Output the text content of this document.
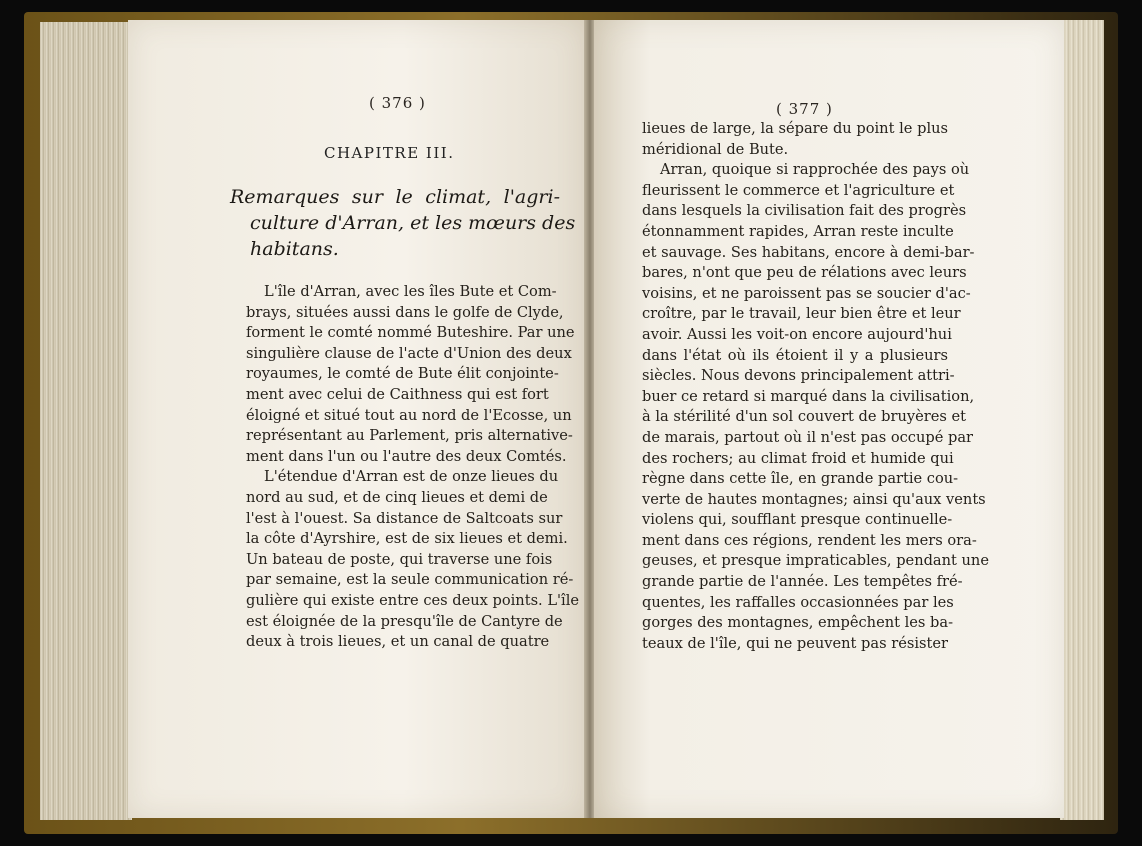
( 376 )
CHAPITRE III.
Remarques sur le climat, l'agri-
culture d'Arran, et les mœurs des
habitans.
L'île d'Arran, avec les îles Bute et Com-
brays, situées aussi dans le golfe de Clyde,
forment le comté nommé Buteshire. Par une
singulière clause de l'acte d'Union des deux
royaumes, le comté de Bute élit conjointe-
ment avec celui de Caithness qui est fort
éloigné et situé tout au nord de l'Ecosse, un
représentant au Parlement, pris alternative-
ment dans l'un ou l'autre des deux Comtés.
L'étendue d'Arran est de onze lieues du
nord au sud, et de cinq lieues et demi de
l'est à l'ouest. Sa distance de Saltcoats sur
la côte d'Ayrshire, est de six lieues et demi.
Un bateau de poste, qui traverse une fois
par semaine, est la seule communication ré-
gulière qui existe entre ces deux points. L'île
est éloignée de la presqu'île de Cantyre de
deux à trois lieues, et un canal de quatre
( 377 )
lieues de large, la sépare du point le plus
méridional de Bute.
Arran, quoique si rapprochée des pays où
fleurissent le commerce et l'agriculture et
dans lesquels la civilisation fait des progrès
étonnamment rapides, Arran reste inculte
et sauvage. Ses habitans, encore à demi-bar-
bares, n'ont que peu de rélations avec leurs
voisins, et ne paroissent pas se soucier d'ac-
croître, par le travail, leur bien être et leur
avoir. Aussi les voit-on encore aujourd'hui
dans l'état où ils étoient il y a plusieurs
siècles. Nous devons principalement attri-
buer ce retard si marqué dans la civilisation,
à la stérilité d'un sol couvert de bruyères et
de marais, partout où il n'est pas occupé par
des rochers; au climat froid et humide qui
règne dans cette île, en grande partie cou-
verte de hautes montagnes; ainsi qu'aux vents
violens qui, soufflant presque continuelle-
ment dans ces régions, rendent les mers ora-
geuses, et presque impraticables, pendant une
grande partie de l'année. Les tempêtes fré-
quentes, les raffalles occasionnées par les
gorges des montagnes, empêchent les ba-
teaux de l'île, qui ne peuvent pas résister
